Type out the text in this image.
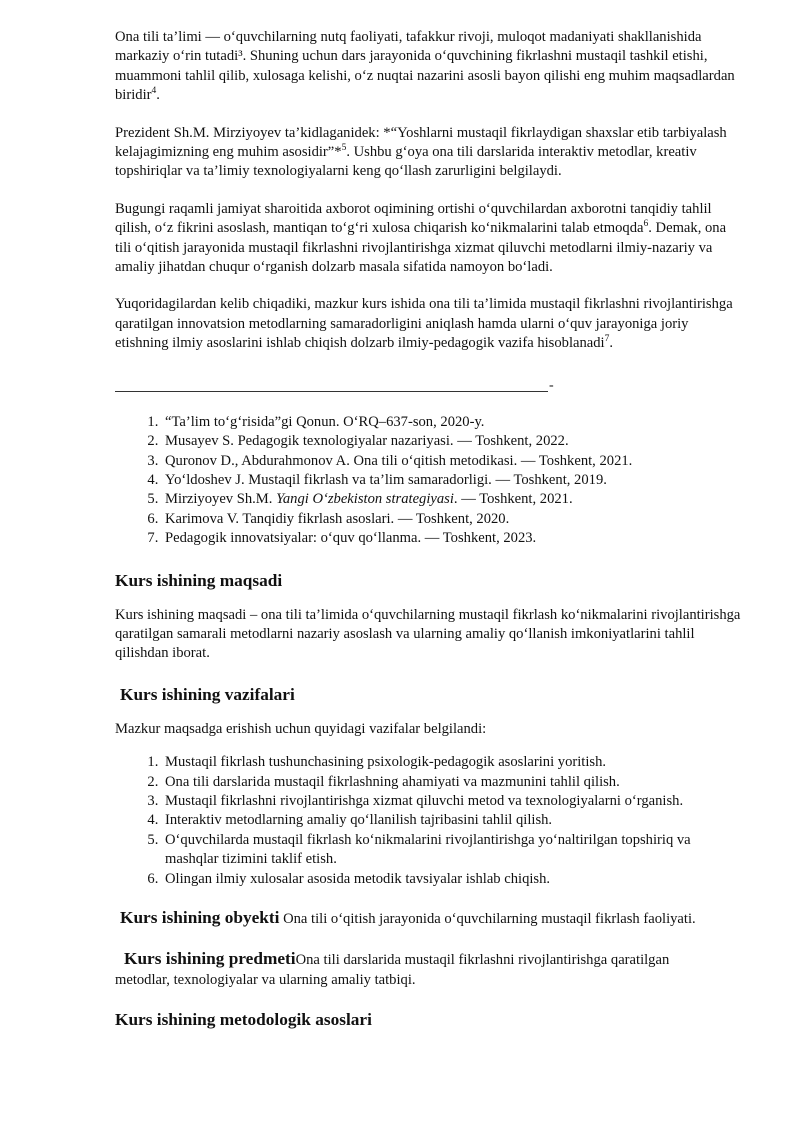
Ona tili ta’limi — o‘quvchilarning nutq faoliyati, tafakkur rivoji, muloqot madaniyati shakllanishida markaziy o‘rin tutadi³. Shuning uchun dars jarayonida o‘quvchining fikrlashni mustaqil tashkil etishi, muammoni tahlil qilib, xulosaga kelishi, o‘z nuqtai nazarini asosli bayon qilishi eng muhim maqsadlardan biridir$^4$.

Prezident Sh.M. Mirziyoyev ta’kidlaganidek: *“Yoshlarni mustaqil fikrlaydigan shaxslar etib tarbiyalash kelajagimizning eng muhim asosidir”*$^5$. Ushbu g‘oya ona tili darslarida interaktiv metodlar, kreativ topshiriqlar va ta’limiy texnologiyalarni keng qo‘llash zarurligini belgilaydi.

Bugungi raqamli jamiyat sharoitida axborot oqimining ortishi o‘quvchilardan axborotni tanqidiy tahlil qilish, o‘z fikrini asoslash, mantiqan to‘g‘ri xulosa chiqarish ko‘nikmalarini talab etmoqda$^6$. Demak, ona tili o‘qitish jarayonida mustaqil fikrlashni rivojlantirishga xizmat qiluvchi metodlarni ilmiy-nazariy va amaliy jihatdan chuqur o‘rganish dolzarb masala sifatida namoyon bo‘ladi.

Yuqoridagilardan kelib chiqadiki, mazkur kurs ishida ona tili ta’limida mustaqil fikrlashni rivojlantirishga qaratilgan innovatsion metodlarning samaradorligini aniqlash hamda ularni o‘quv jarayoniga joriy etishning ilmiy asoslarini ishlab chiqish dolzarb ilmiy-pedagogik vazifa hisoblanadi$^7$.

-
1. “Ta’lim to‘g‘risida”gi Qonun. O‘RQ–637-son, 2020-y.
2. Musayev S. Pedagogik texnologiyalar nazariyasi. — Toshkent, 2022.
3. Quronov D., Abdurahmonov A. Ona tili o‘qitish metodikasi. — Toshkent, 2021.
4. Yo‘ldoshev J. Mustaqil fikrlash va ta’lim samaradorligi. — Toshkent, 2019.
5. Mirziyoyev Sh.M. Yangi O‘zbekiston strategiyasi. — Toshkent, 2021.
6. Karimova V. Tanqidiy fikrlash asoslari. — Toshkent, 2020.
7. Pedagogik innovatsiyalar: o‘quv qo‘llanma. — Toshkent, 2023.
Kurs ishining maqsadi

Kurs ishining maqsadi – ona tili ta’limida o‘quvchilarning mustaqil fikrlash ko‘nikmalarini rivojlantirishga qaratilgan samarali metodlarni nazariy asoslash va ularning amaliy qo‘llanish imkoniyatlarini tahlil qilishdan iborat.

Kurs ishining vazifalari

Mazkur maqsadga erishish uchun quyidagi vazifalar belgilandi:

1. Mustaqil fikrlash tushunchasining psixologik-pedagogik asoslarini yoritish.
2. Ona tili darslarida mustaqil fikrlashning ahamiyati va mazmunini tahlil qilish.
3. Mustaqil fikrlashni rivojlantirishga xizmat qiluvchi metod va texnologiyalarni o‘rganish.
4. Interaktiv metodlarning amaliy qo‘llanilish tajribasini tahlil qilish.
5. O‘quvchilarda mustaqil fikrlash ko‘nikmalarini rivojlantirishga yo‘naltirilgan topshiriq va mashqlar tizimini taklif etish.
6. Olingan ilmiy xulosalar asosida metodik tavsiyalar ishlab chiqish.

Kurs ishining obyekti Ona tili o‘qitish jarayonida o‘quvchilarning mustaqil fikrlash faoliyati.

Kurs ishining predmetiOna tili darslarida mustaqil fikrlashni rivojlantirishga qaratilgan
metodlar, texnologiyalar va ularning amaliy tatbiqi.

Kurs ishining metodologik asoslari
